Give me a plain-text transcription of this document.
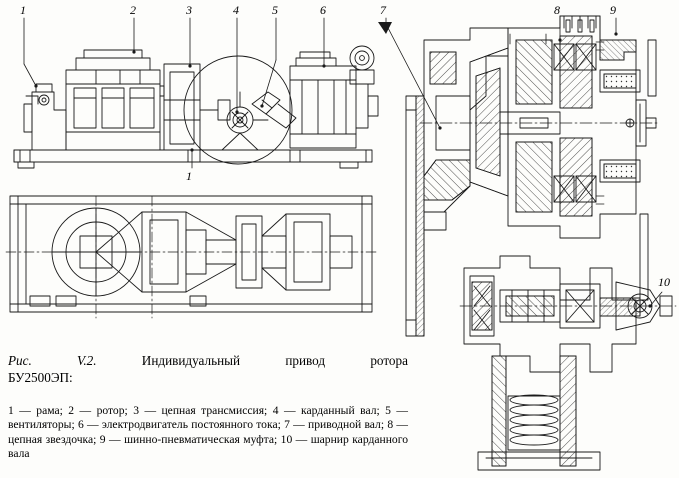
1	2	3	4	5	6	7	8	9
1
10
Рис.	V.2.	Индивидуальный	привод	ротора
БУ2500ЭП:
1 — рама; 2 — ротор; 3 — цепная трансмиссия; 4 — карданный вал; 5 — вентиляторы; 6 — электродвигатель постоянного тока; 7 — приводной вал; 8 — цепная звездочка; 9 — шинно-пневматическая муфта; 10 — шарнир карданного вала
